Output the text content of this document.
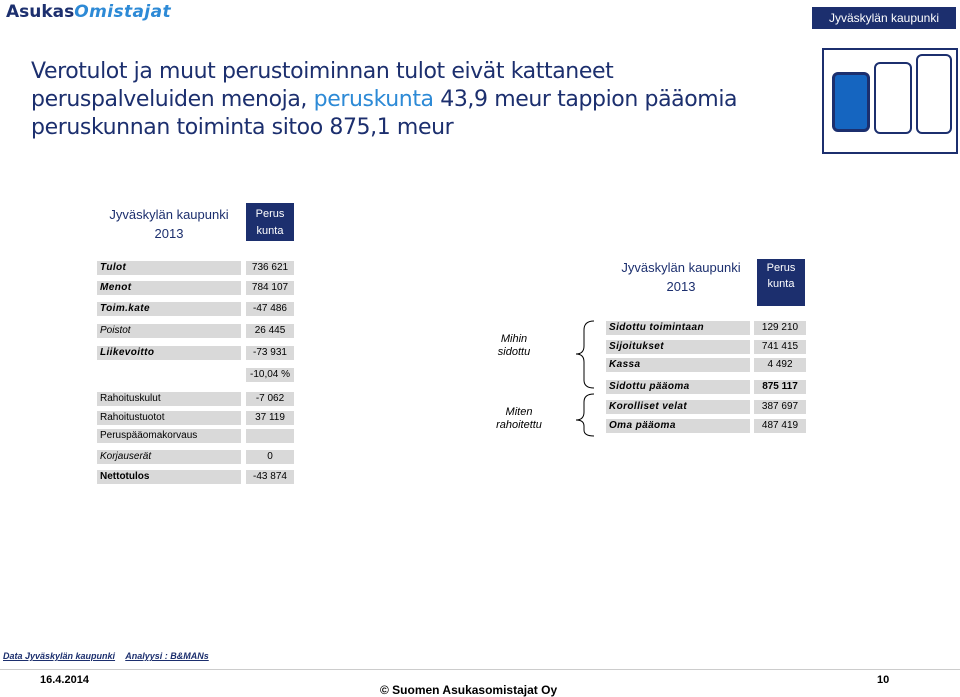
AsukasOmistajat	Jyväskylän kaupunki
Verotulot ja muut perustoiminnan tulot eivät kattaneet peruspalveluiden menoja, peruskunta 43,9 meur tappion pääomia peruskunnan toiminta sitoo 875,1 meur
Jyväskylän kaupunki
2013
Perus
kunta
Tulot	736 621
Menot	784 107
Toim.kate	-47 486
Poistot	26 445
Liikevoitto	-73 931
-10,04 %
Rahoituskulut	-7 062
Rahoitustuotot	37 119
Peruspääomakorvaus
Korjauserät	0
Nettotulos	-43 874
Jyväskylän kaupunki
2013
Perus
kunta
Mihin
sidottu
Miten
rahoitettu
Sidottu toimintaan	129 210
Sijoitukset	741 415
Kassa	4 492
Sidottu pääoma	875 117
Korolliset velat	387 697
Oma pääoma	487 419
Data Jyväskylän kaupunki Analyysi : B&MANs
16.4.2014
© Suomen Asukasomistajat Oy
10
